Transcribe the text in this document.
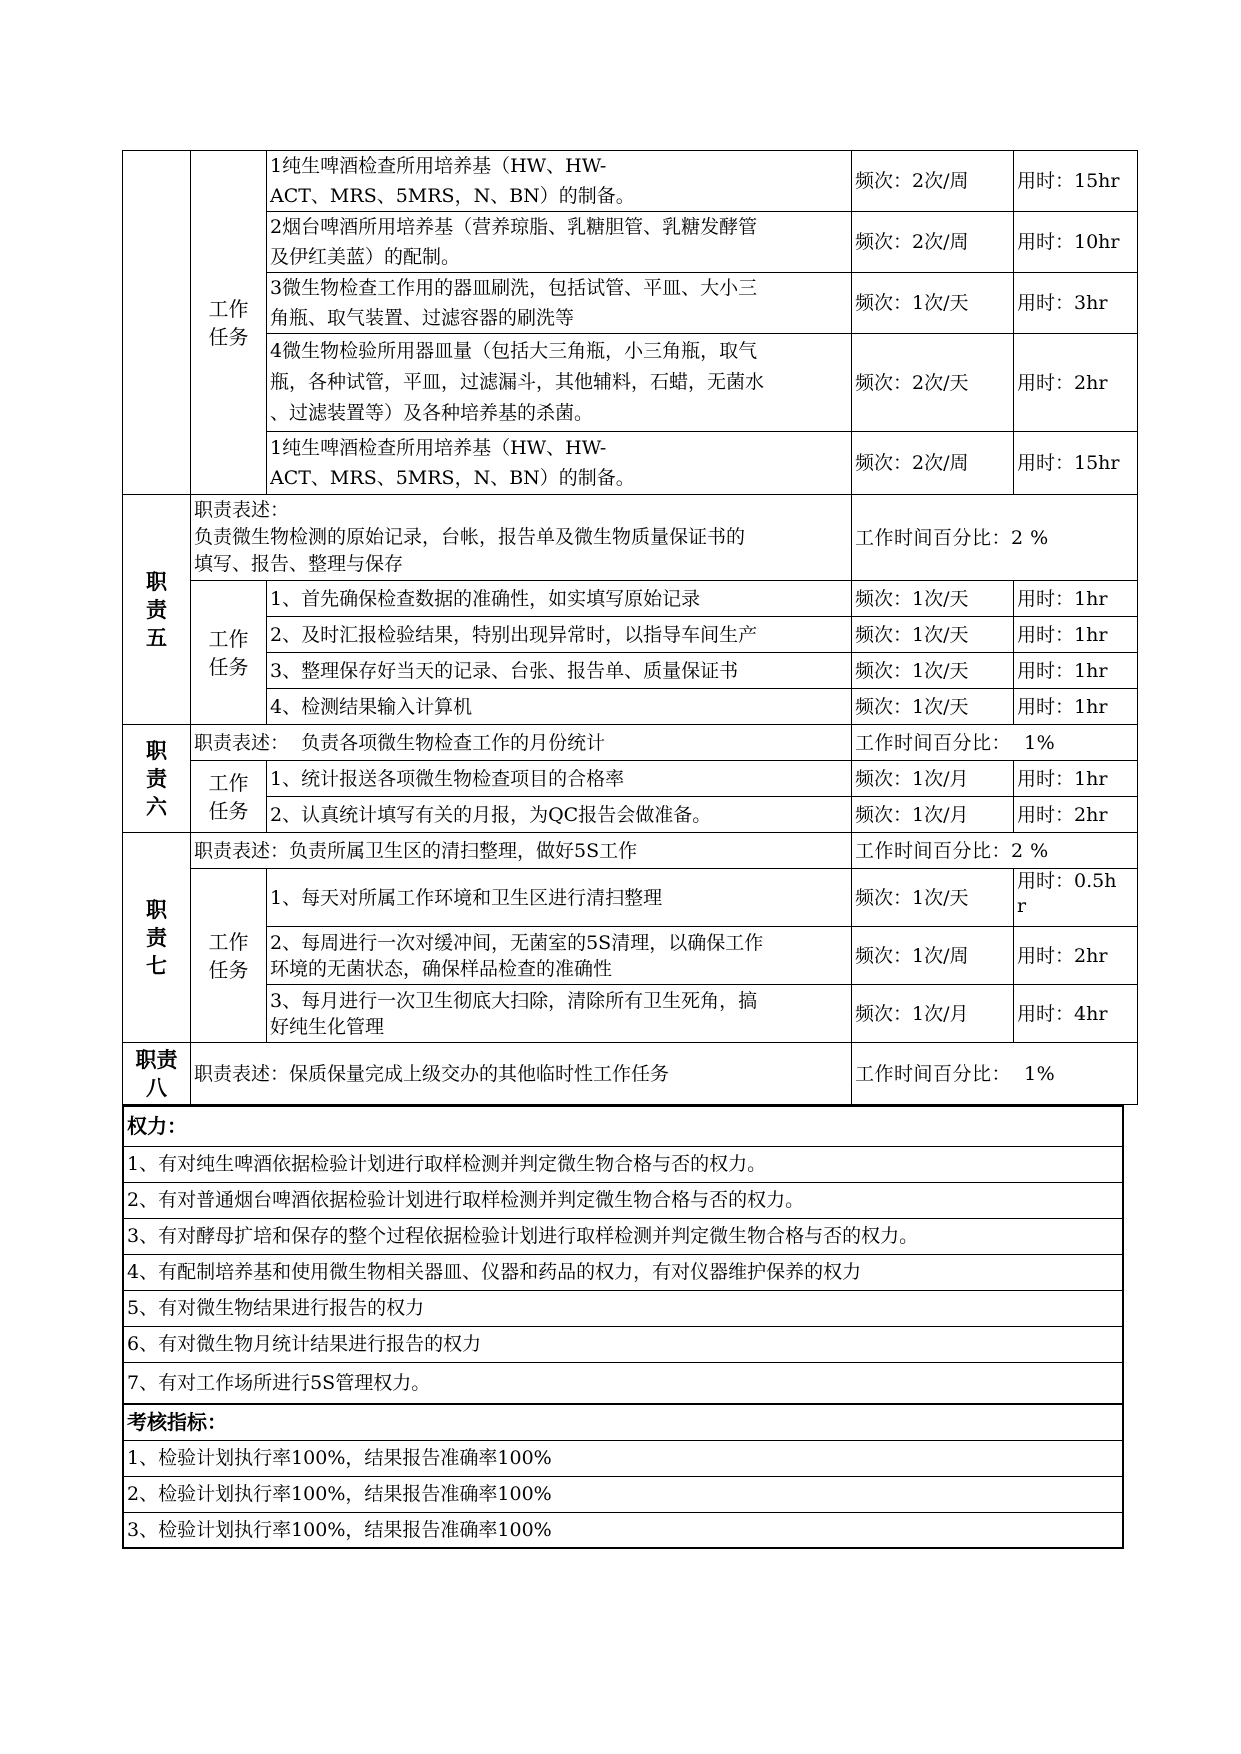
	工作
任务	1纯生啤酒检查所用培养基（HW、HW-
ACT、MRS、5MRS，N、BN）的制备。	频次：2次/周	用时：15hr
		2烟台啤酒所用培养基（营养琼脂、乳糖胆管、乳糖发酵管
及伊红美蓝）的配制。	频次：2次/周	用时：10hr
		3微生物检查工作用的器皿刷洗，包括试管、平皿、大小三
角瓶、取气装置、过滤容器的刷洗等	频次：1次/天	用时：3hr
		4微生物检验所用器皿量（包括大三角瓶，小三角瓶，取气
瓶，各种试管，平皿，过滤漏斗，其他辅料，石蜡，无菌水
、过滤装置等）及各种培养基的杀菌。	频次：2次/天	用时：2hr
		1纯生啤酒检查所用培养基（HW、HW-
ACT、MRS、5MRS，N、BN）的制备。	频次：2次/周	用时：15hr
职
责
五	职责表述：
负责微生物检测的原始记录，台帐，报告单及微生物质量保证书的
填写、报告、整理与保存		工作时间百分比：2 %	
	工作
任务	1、首先确保检查数据的准确性，如实填写原始记录	频次：1次/天	用时：1hr
		2、及时汇报检验结果，特别出现异常时，以指导车间生产	频次：1次/天	用时：1hr
		3、整理保存好当天的记录、台张、报告单、质量保证书	频次：1次/天	用时：1hr
		4、检测结果输入计算机	频次：1次/天	用时：1hr
职
责
六	职责表述：  负责各项微生物检查工作的月份统计		工作时间百分比：  1%	
	工作
任务	1、统计报送各项微生物检查项目的合格率	频次：1次/月	用时：1hr
		2、认真统计填写有关的月报，为QC报告会做准备。	频次：1次/月	用时：2hr
职
责
七	职责表述：负责所属卫生区的清扫整理，做好5S工作		工作时间百分比：2 %	
	工作
任务	1、每天对所属工作环境和卫生区进行清扫整理	频次：1次/天	用时：0.5h
r
		2、每周进行一次对缓冲间，无菌室的5S清理，以确保工作
环境的无菌状态，确保样品检查的准确性	频次：1次/周	用时：2hr
		3、每月进行一次卫生彻底大扫除，清除所有卫生死角，搞
好纯生化管理	频次：1次/月	用时：4hr
职责
八	职责表述：保质保量完成上级交办的其他临时性工作任务		工作时间百分比：  1%	
权力：
1、有对纯生啤酒依据检验计划进行取样检测并判定微生物合格与否的权力。
2、有对普通烟台啤酒依据检验计划进行取样检测并判定微生物合格与否的权力。
3、有对酵母扩培和保存的整个过程依据检验计划进行取样检测并判定微生物合格与否的权力。
4、有配制培养基和使用微生物相关器皿、仪器和药品的权力，有对仪器维护保养的权力
5、有对微生物结果进行报告的权力
6、有对微生物月统计结果进行报告的权力
7、有对工作场所进行5S管理权力。
考核指标：
1、检验计划执行率100%，结果报告准确率100%
2、检验计划执行率100%，结果报告准确率100%
3、检验计划执行率100%，结果报告准确率100%
